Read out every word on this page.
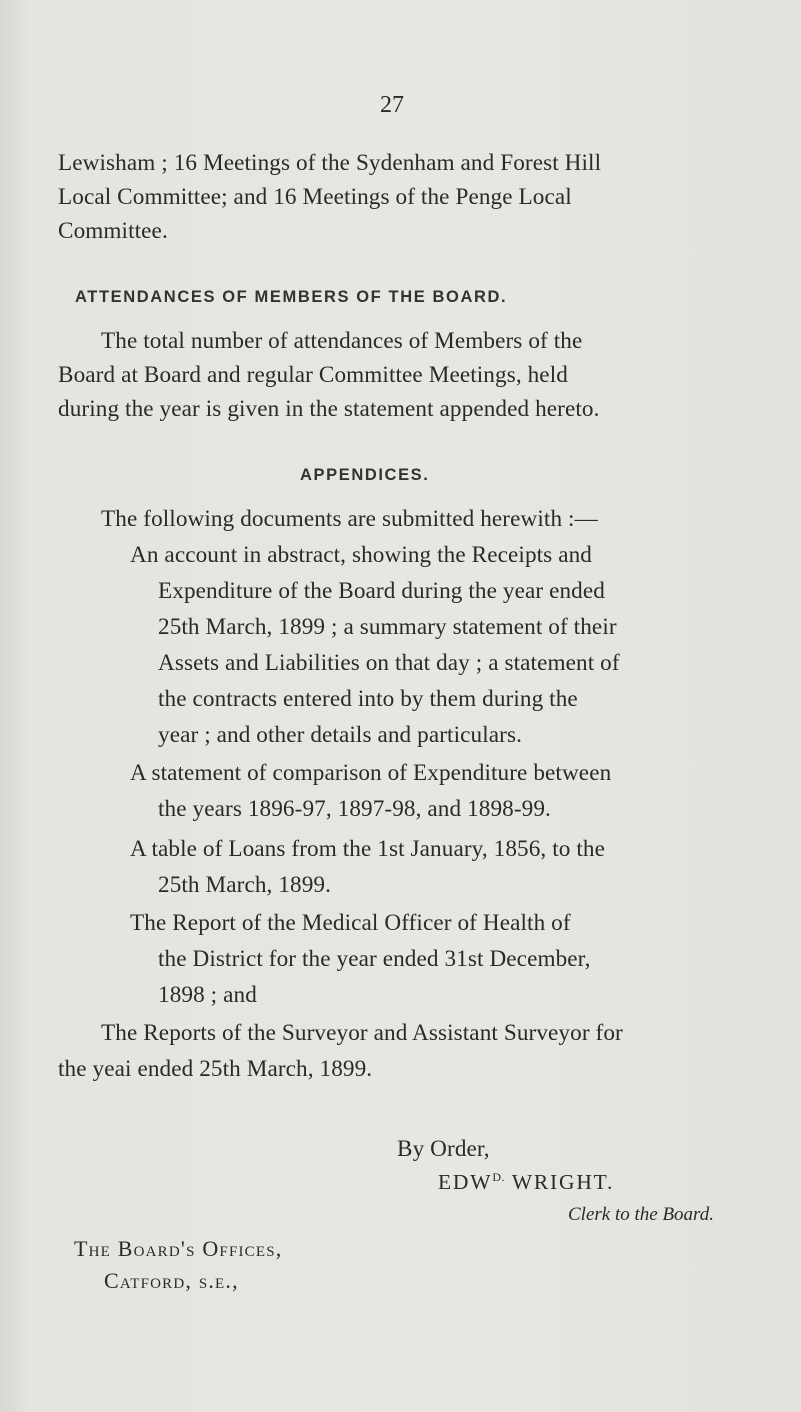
27
Lewisham ; 16 Meetings of the Sydenham and Forest Hill
Local Committee; and 16 Meetings of the Penge Local
Committee.
ATTENDANCES OF MEMBERS OF THE BOARD.
The total number of attendances of Members of the
Board at Board and regular Committee Meetings, held
during the year is given in the statement appended hereto.
APPENDICES.
The following documents are submitted herewith :—
An account in abstract, showing the Receipts and
Expenditure of the Board during the year ended
25th March, 1899 ; a summary statement of their
Assets and Liabilities on that day ; a statement of
the contracts entered into by them during the
year ; and other details and particulars.
A statement of comparison of Expenditure between
the years 1896-97, 1897-98, and 1898-99.
A table of Loans from the 1st January, 1856, to the
25th March, 1899.
The Report of the Medical Officer of Health of
the District for the year ended 31st December,
1898 ; and
The Reports of the Surveyor and Assistant Surveyor for
the yeai ended 25th March, 1899.
By Order,
$EDW^{D.}$ WRIGHT.
Clerk to the Board.
The Board's Offices,
Catford, s.e.,
